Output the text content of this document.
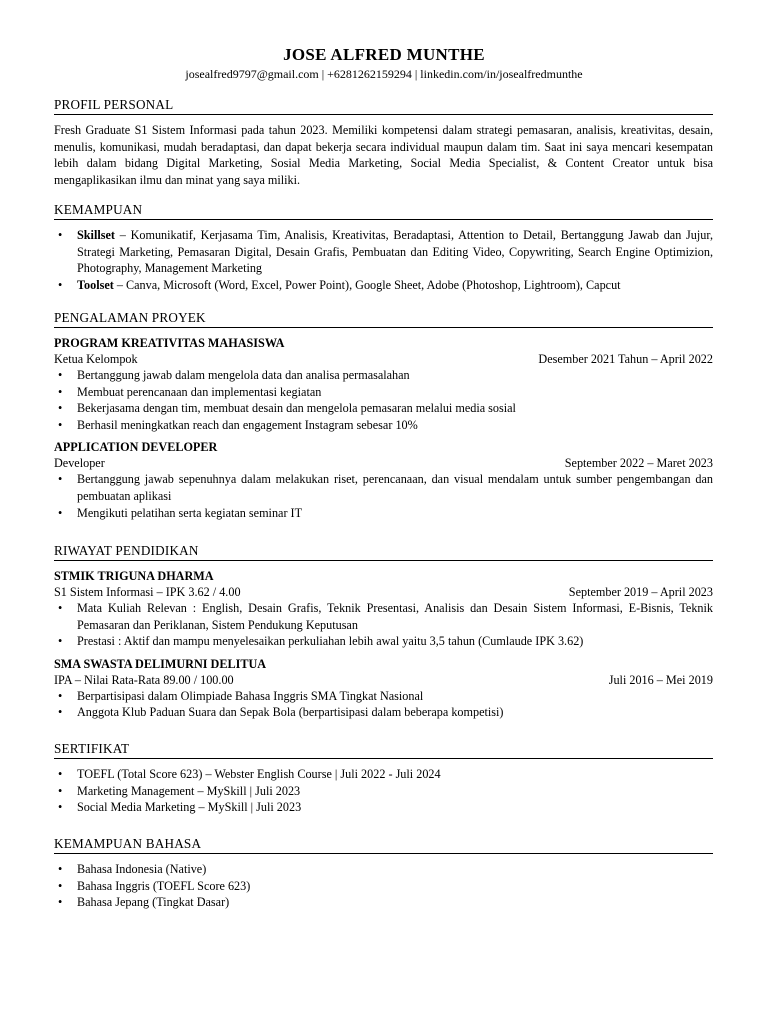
JOSE ALFRED MUNTHE
josealfred9797@gmail.com | +6281262159294 | linkedin.com/in/josealfredmunthe
PROFIL PERSONAL
Fresh Graduate S1 Sistem Informasi pada tahun 2023. Memiliki kompetensi dalam strategi pemasaran, analisis, kreativitas, desain, menulis, komunikasi, mudah beradaptasi, dan dapat bekerja secara individual maupun dalam tim. Saat ini saya mencari kesempatan lebih dalam bidang Digital Marketing, Sosial Media Marketing, Social Media Specialist, & Content Creator untuk bisa mengaplikasikan ilmu dan minat yang saya miliki.
KEMAMPUAN
• Skillset – Komunikatif, Kerjasama Tim, Analisis, Kreativitas, Beradaptasi, Attention to Detail, Bertanggung Jawab dan Jujur, Strategi Marketing, Pemasaran Digital, Desain Grafis, Pembuatan dan Editing Video, Copywriting, Search Engine Optimizion, Photography, Management Marketing
• Toolset – Canva, Microsoft (Word, Excel, Power Point), Google Sheet, Adobe (Photoshop, Lightroom), Capcut
PENGALAMAN PROYEK
PROGRAM KREATIVITAS MAHASISWA
Ketua Kelompok	Desember 2021 Tahun – April 2022
• Bertanggung jawab dalam mengelola data dan analisa permasalahan
• Membuat perencanaan dan implementasi kegiatan
• Bekerjasama dengan tim, membuat desain dan mengelola pemasaran melalui media sosial
• Berhasil meningkatkan reach dan engagement Instagram sebesar 10%
APPLICATION DEVELOPER
Developer	September 2022 – Maret 2023
• Bertanggung jawab sepenuhnya dalam melakukan riset, perencanaan, dan visual mendalam untuk sumber pengembangan dan pembuatan aplikasi
• Mengikuti pelatihan serta kegiatan seminar IT
RIWAYAT PENDIDIKAN
STMIK TRIGUNA DHARMA
S1 Sistem Informasi – IPK 3.62 / 4.00	September 2019 – April 2023
• Mata Kuliah Relevan : English, Desain Grafis, Teknik Presentasi, Analisis dan Desain Sistem Informasi, E-Bisnis, Teknik Pemasaran dan Periklanan, Sistem Pendukung Keputusan
• Prestasi : Aktif dan mampu menyelesaikan perkuliahan lebih awal yaitu 3,5 tahun (Cumlaude IPK 3.62)
SMA SWASTA DELIMURNI DELITUA
IPA – Nilai Rata-Rata 89.00 / 100.00	Juli 2016 – Mei 2019
• Berpartisipasi dalam Olimpiade Bahasa Inggris SMA Tingkat Nasional
• Anggota Klub Paduan Suara dan Sepak Bola (berpartisipasi dalam beberapa kompetisi)
SERTIFIKAT
• TOEFL (Total Score 623) – Webster English Course | Juli 2022 - Juli 2024
• Marketing Management – MySkill | Juli 2023
• Social Media Marketing – MySkill | Juli 2023
KEMAMPUAN BAHASA
• Bahasa Indonesia (Native)
• Bahasa Inggris (TOEFL Score 623)
• Bahasa Jepang (Tingkat Dasar)
